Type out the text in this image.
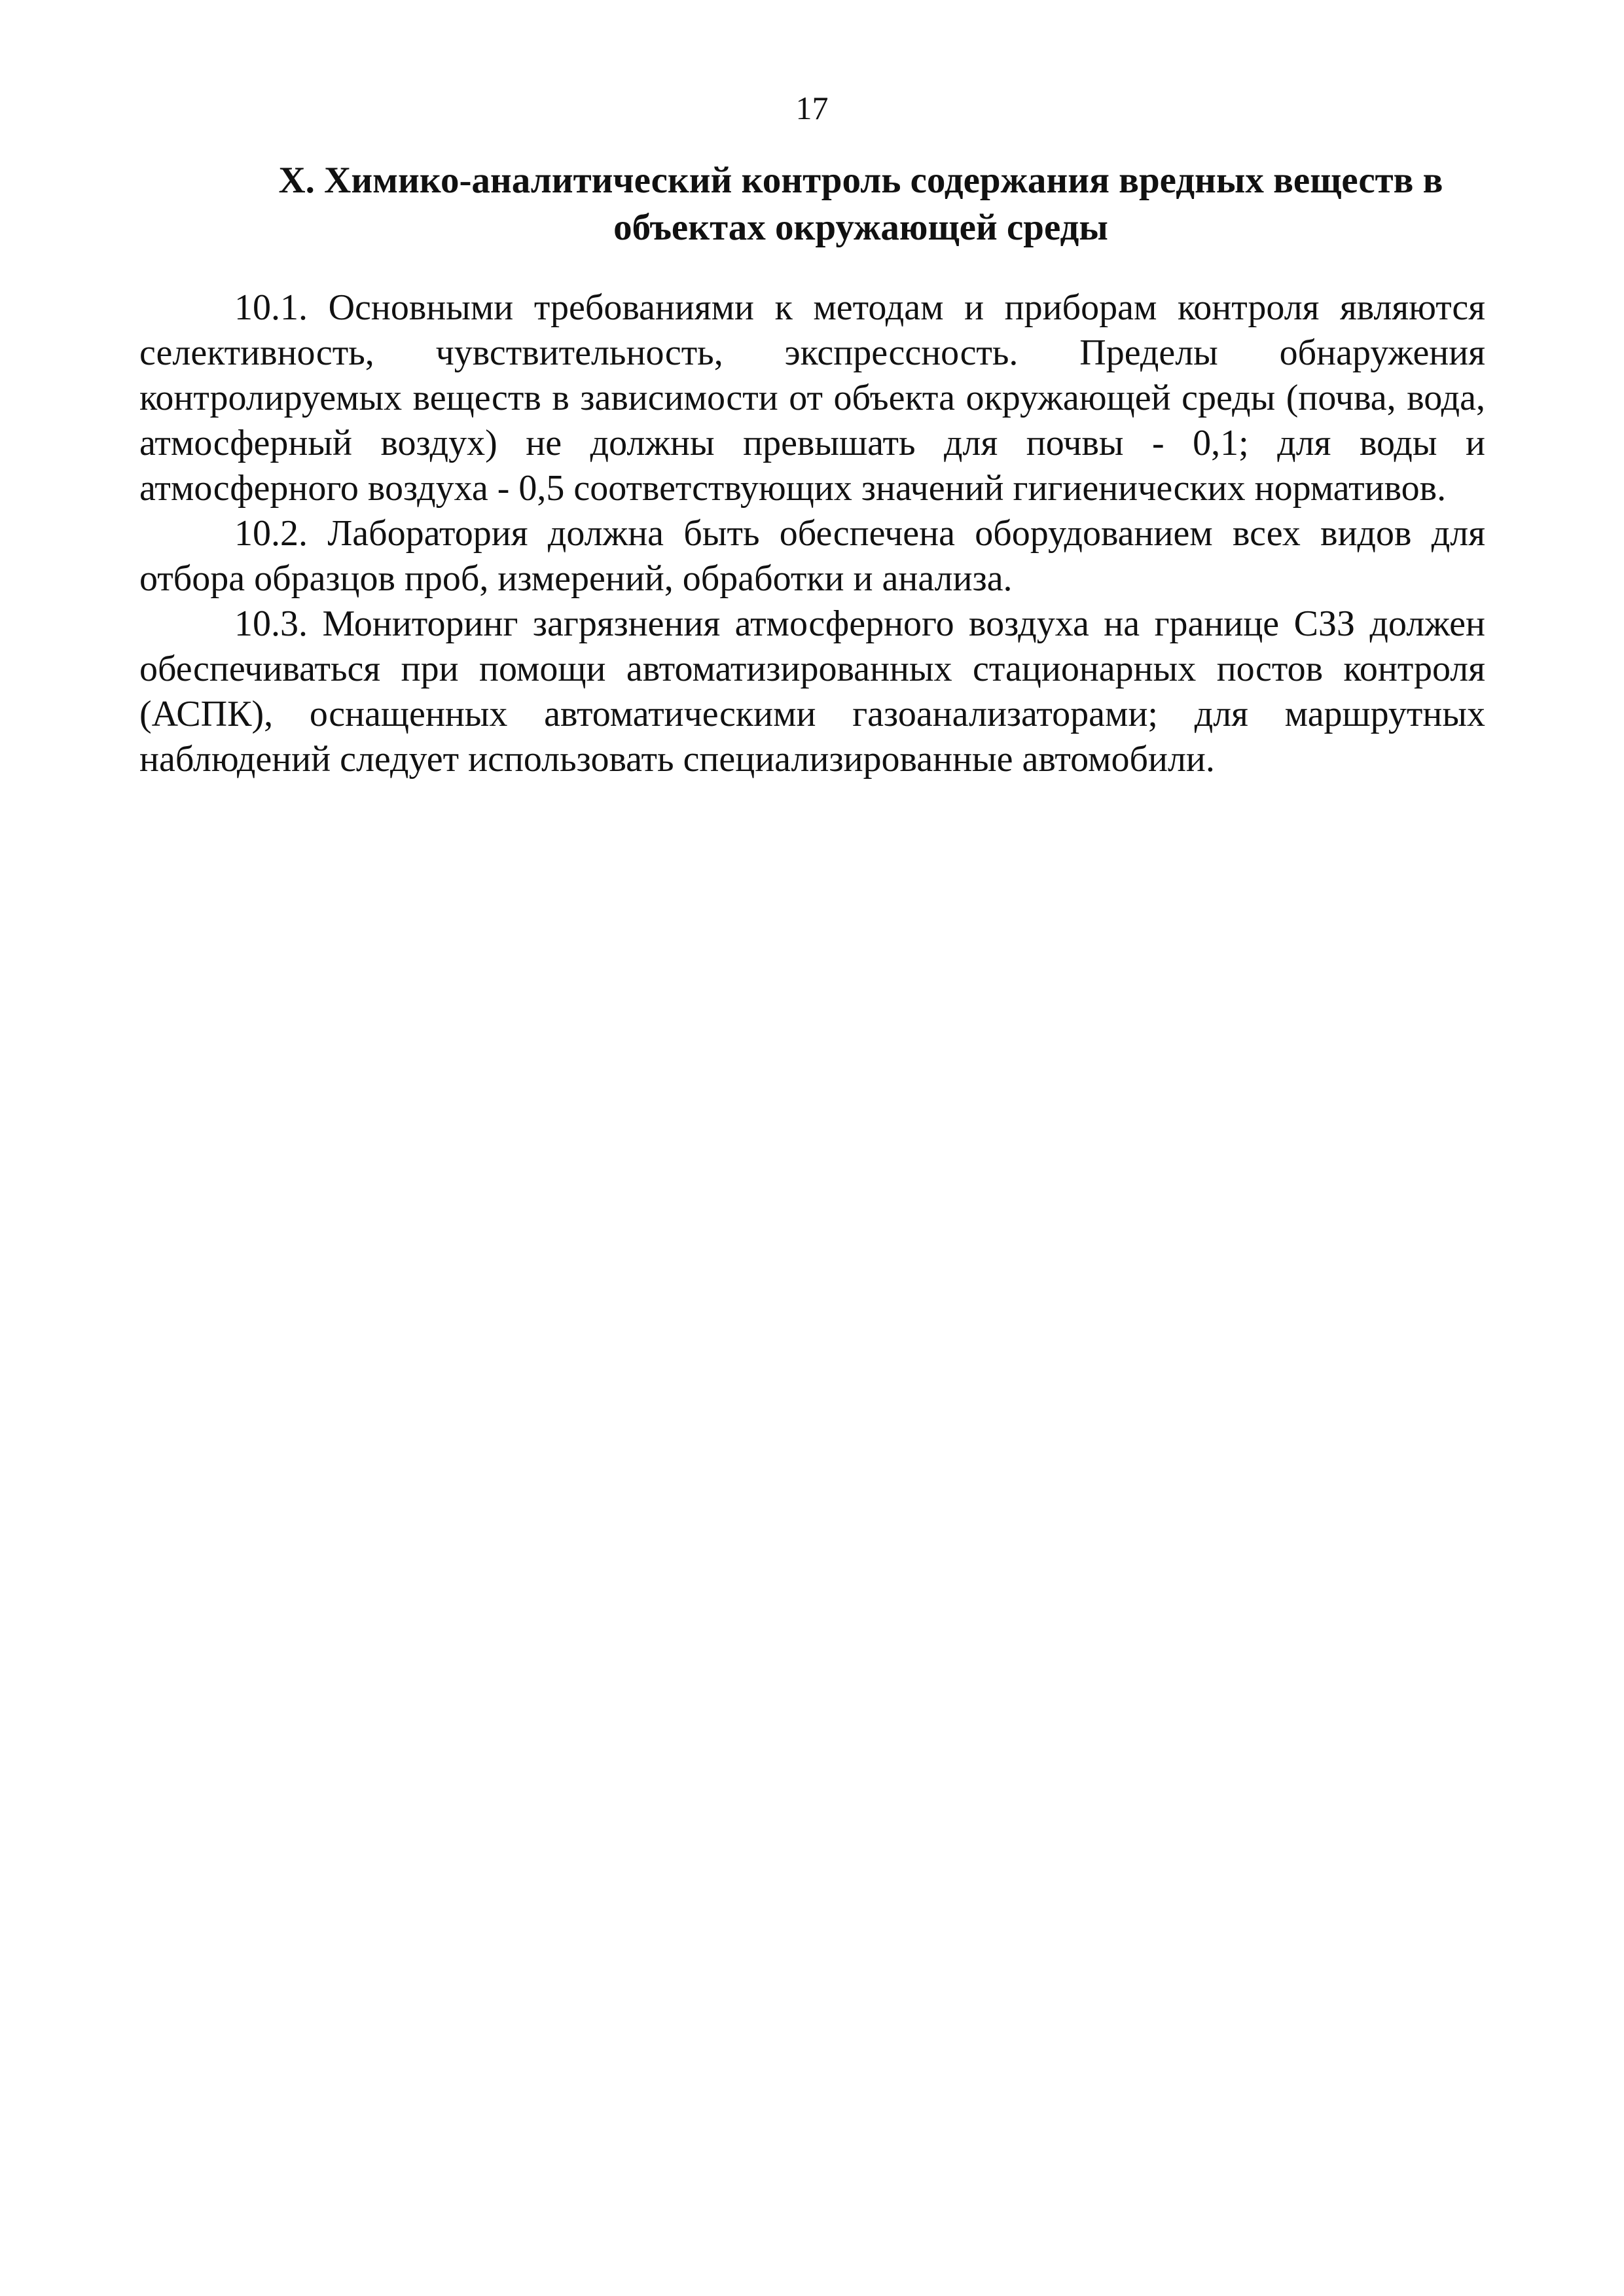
17
X. Химико-аналитический контроль содержания вредных веществ в
объектах окружающей среды

10.1. Основными требованиями к методам и приборам контроля являются селективность, чувствительность, экспрессность. Пределы обнаружения контролируемых веществ в зависимости от объекта окружающей среды (почва, вода, атмосферный воздух) не должны превышать для почвы - 0,1; для воды и атмосферного воздуха - 0,5 соответствующих значений гигиенических нормативов.

10.2. Лаборатория должна быть обеспечена оборудованием всех видов для отбора образцов проб, измерений, обработки и анализа.

10.3. Мониторинг загрязнения атмосферного воздуха на границе СЗЗ должен обеспечиваться при помощи автоматизированных стационарных постов контроля (АСПК), оснащенных автоматическими газоанализаторами; для маршрутных наблюдений следует использовать специализированные автомобили.
